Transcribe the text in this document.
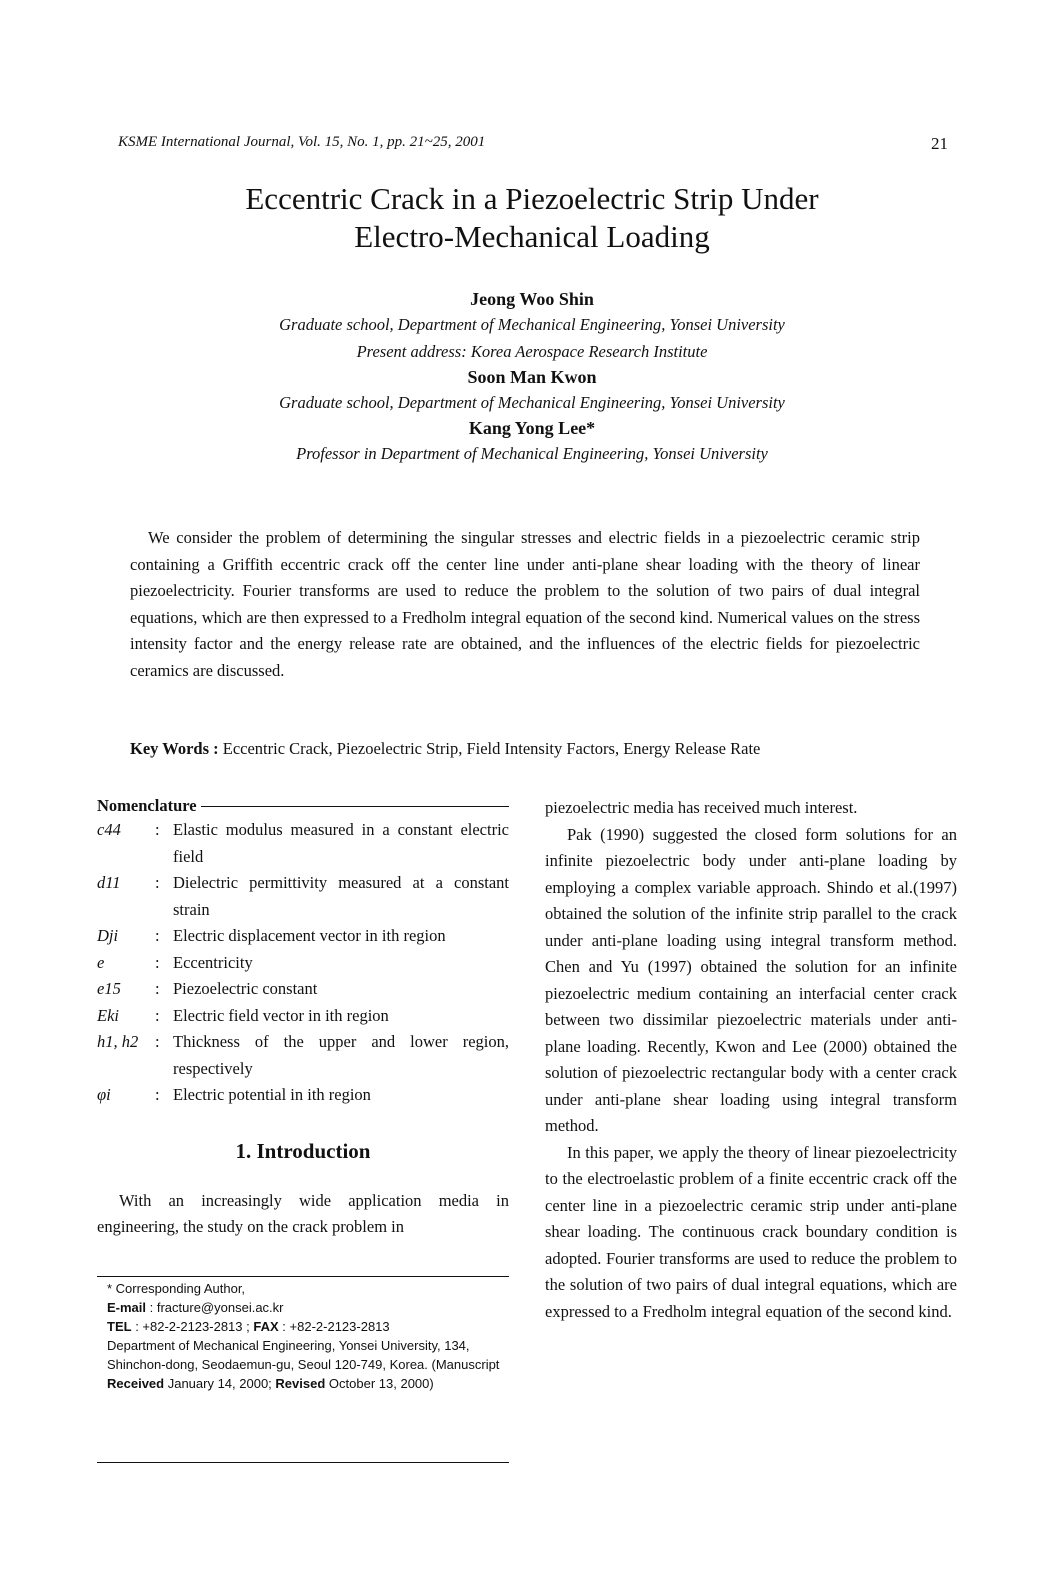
KSME International Journal, Vol. 15, No. 1, pp. 21~25, 2001	21
Eccentric Crack in a Piezoelectric Strip Under
Electro-Mechanical Loading
Jeong Woo Shin
Graduate school, Department of Mechanical Engineering, Yonsei University
Present address: Korea Aerospace Research Institute
Soon Man Kwon
Graduate school, Department of Mechanical Engineering, Yonsei University
Kang Yong Lee*
Professor in Department of Mechanical Engineering, Yonsei University

We consider the problem of determining the singular stresses and electric fields in a piezoelectric ceramic strip containing a Griffith eccentric crack off the center line under anti-plane shear loading with the theory of linear piezoelectricity. Fourier transforms are used to reduce the problem to the solution of two pairs of dual integral equations, which are then expressed to a Fredholm integral equation of the second kind. Numerical values on the stress intensity factor and the energy release rate are obtained, and the influences of the electric fields for piezoelectric ceramics are discussed.

Key Words : Eccentric Crack, Piezoelectric Strip, Field Intensity Factors, Energy Release Rate
Nomenclature
c44	: Elastic modulus measured in a constant electric field
d11	: Dielectric permittivity measured at a constant strain
Dji	: Electric displacement vector in ith region
e	: Eccentricity
e15	: Piezoelectric constant
Eki	: Electric field vector in ith region
h1, h2	: Thickness of the upper and lower region, respectively
φi	: Electric potential in ith region
1. Introduction

With an increasingly wide application media in engineering, the study on the crack problem in

* Corresponding Author,
E-mail : fracture@yonsei.ac.kr
TEL : +82-2-2123-2813 ; FAX : +82-2-2123-2813
Department of Mechanical Engineering, Yonsei University, 134, Shinchon-dong, Seodaemun-gu, Seoul 120-749, Korea. (Manuscript Received January 14, 2000; Revised October 13, 2000)

piezoelectric media has received much interest.

Pak (1990) suggested the closed form solutions for an infinite piezoelectric body under anti-plane loading by employing a complex variable approach. Shindo et al.(1997) obtained the solution of the infinite strip parallel to the crack under anti-plane loading using integral transform method. Chen and Yu (1997) obtained the solution for an infinite piezoelectric medium containing an interfacial center crack between two dissimilar piezoelectric materials under anti-plane loading. Recently, Kwon and Lee (2000) obtained the solution of piezoelectric rectangular body with a center crack under anti-plane shear loading using integral transform method.

In this paper, we apply the theory of linear piezoelectricity to the electroelastic problem of a finite eccentric crack off the center line in a piezoelectric ceramic strip under anti-plane shear loading. The continuous crack boundary condition is adopted. Fourier transforms are used to reduce the problem to the solution of two pairs of dual integral equations, which are expressed to a Fredholm integral equation of the second kind.
